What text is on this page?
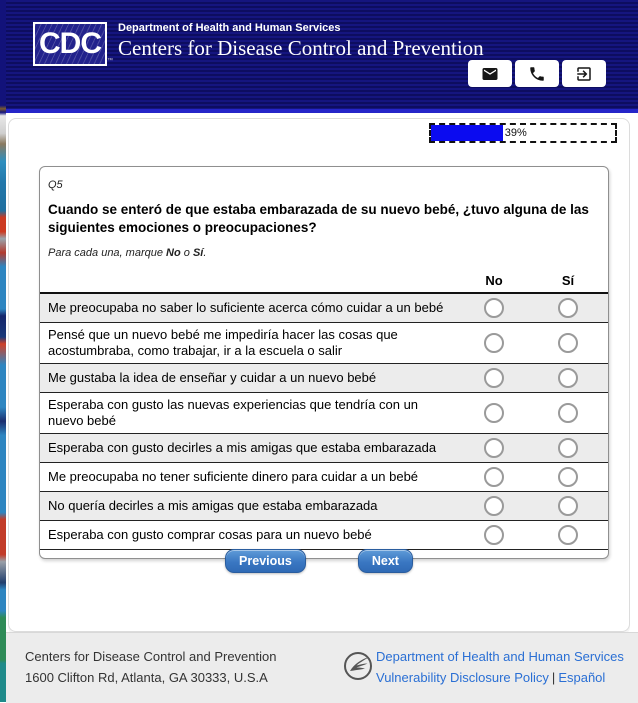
CDC
™
Department of Health and Human Services
Centers for Disease Control and Prevention
39%
Q5
Cuando se enteró de que estaba embarazada de su nuevo bebé, ¿tuvo alguna de las siguientes emociones o preocupaciones?
Para cada una, marque No o Sí.
No	Sí
Me preocupaba no saber lo suficiente acerca cómo cuidar a un bebé
Pensé que un nuevo bebé me impediría hacer las cosas que acostumbraba, como trabajar, ir a la escuela o salir
Me gustaba la idea de enseñar y cuidar a un nuevo bebé
Esperaba con gusto las nuevas experiencias que tendría con un nuevo bebé
Esperaba con gusto decirles a mis amigas que estaba embarazada
Me preocupaba no tener suficiente dinero para cuidar a un bebé
No quería decirles a mis amigas que estaba embarazada
Esperaba con gusto comprar cosas para un nuevo bebé
Previous	Next
Centers for Disease Control and Prevention
1600 Clifton Rd, Atlanta, GA 30333, U.S.A
Department of Health and Human Services
Vulnerability Disclosure Policy | Español
